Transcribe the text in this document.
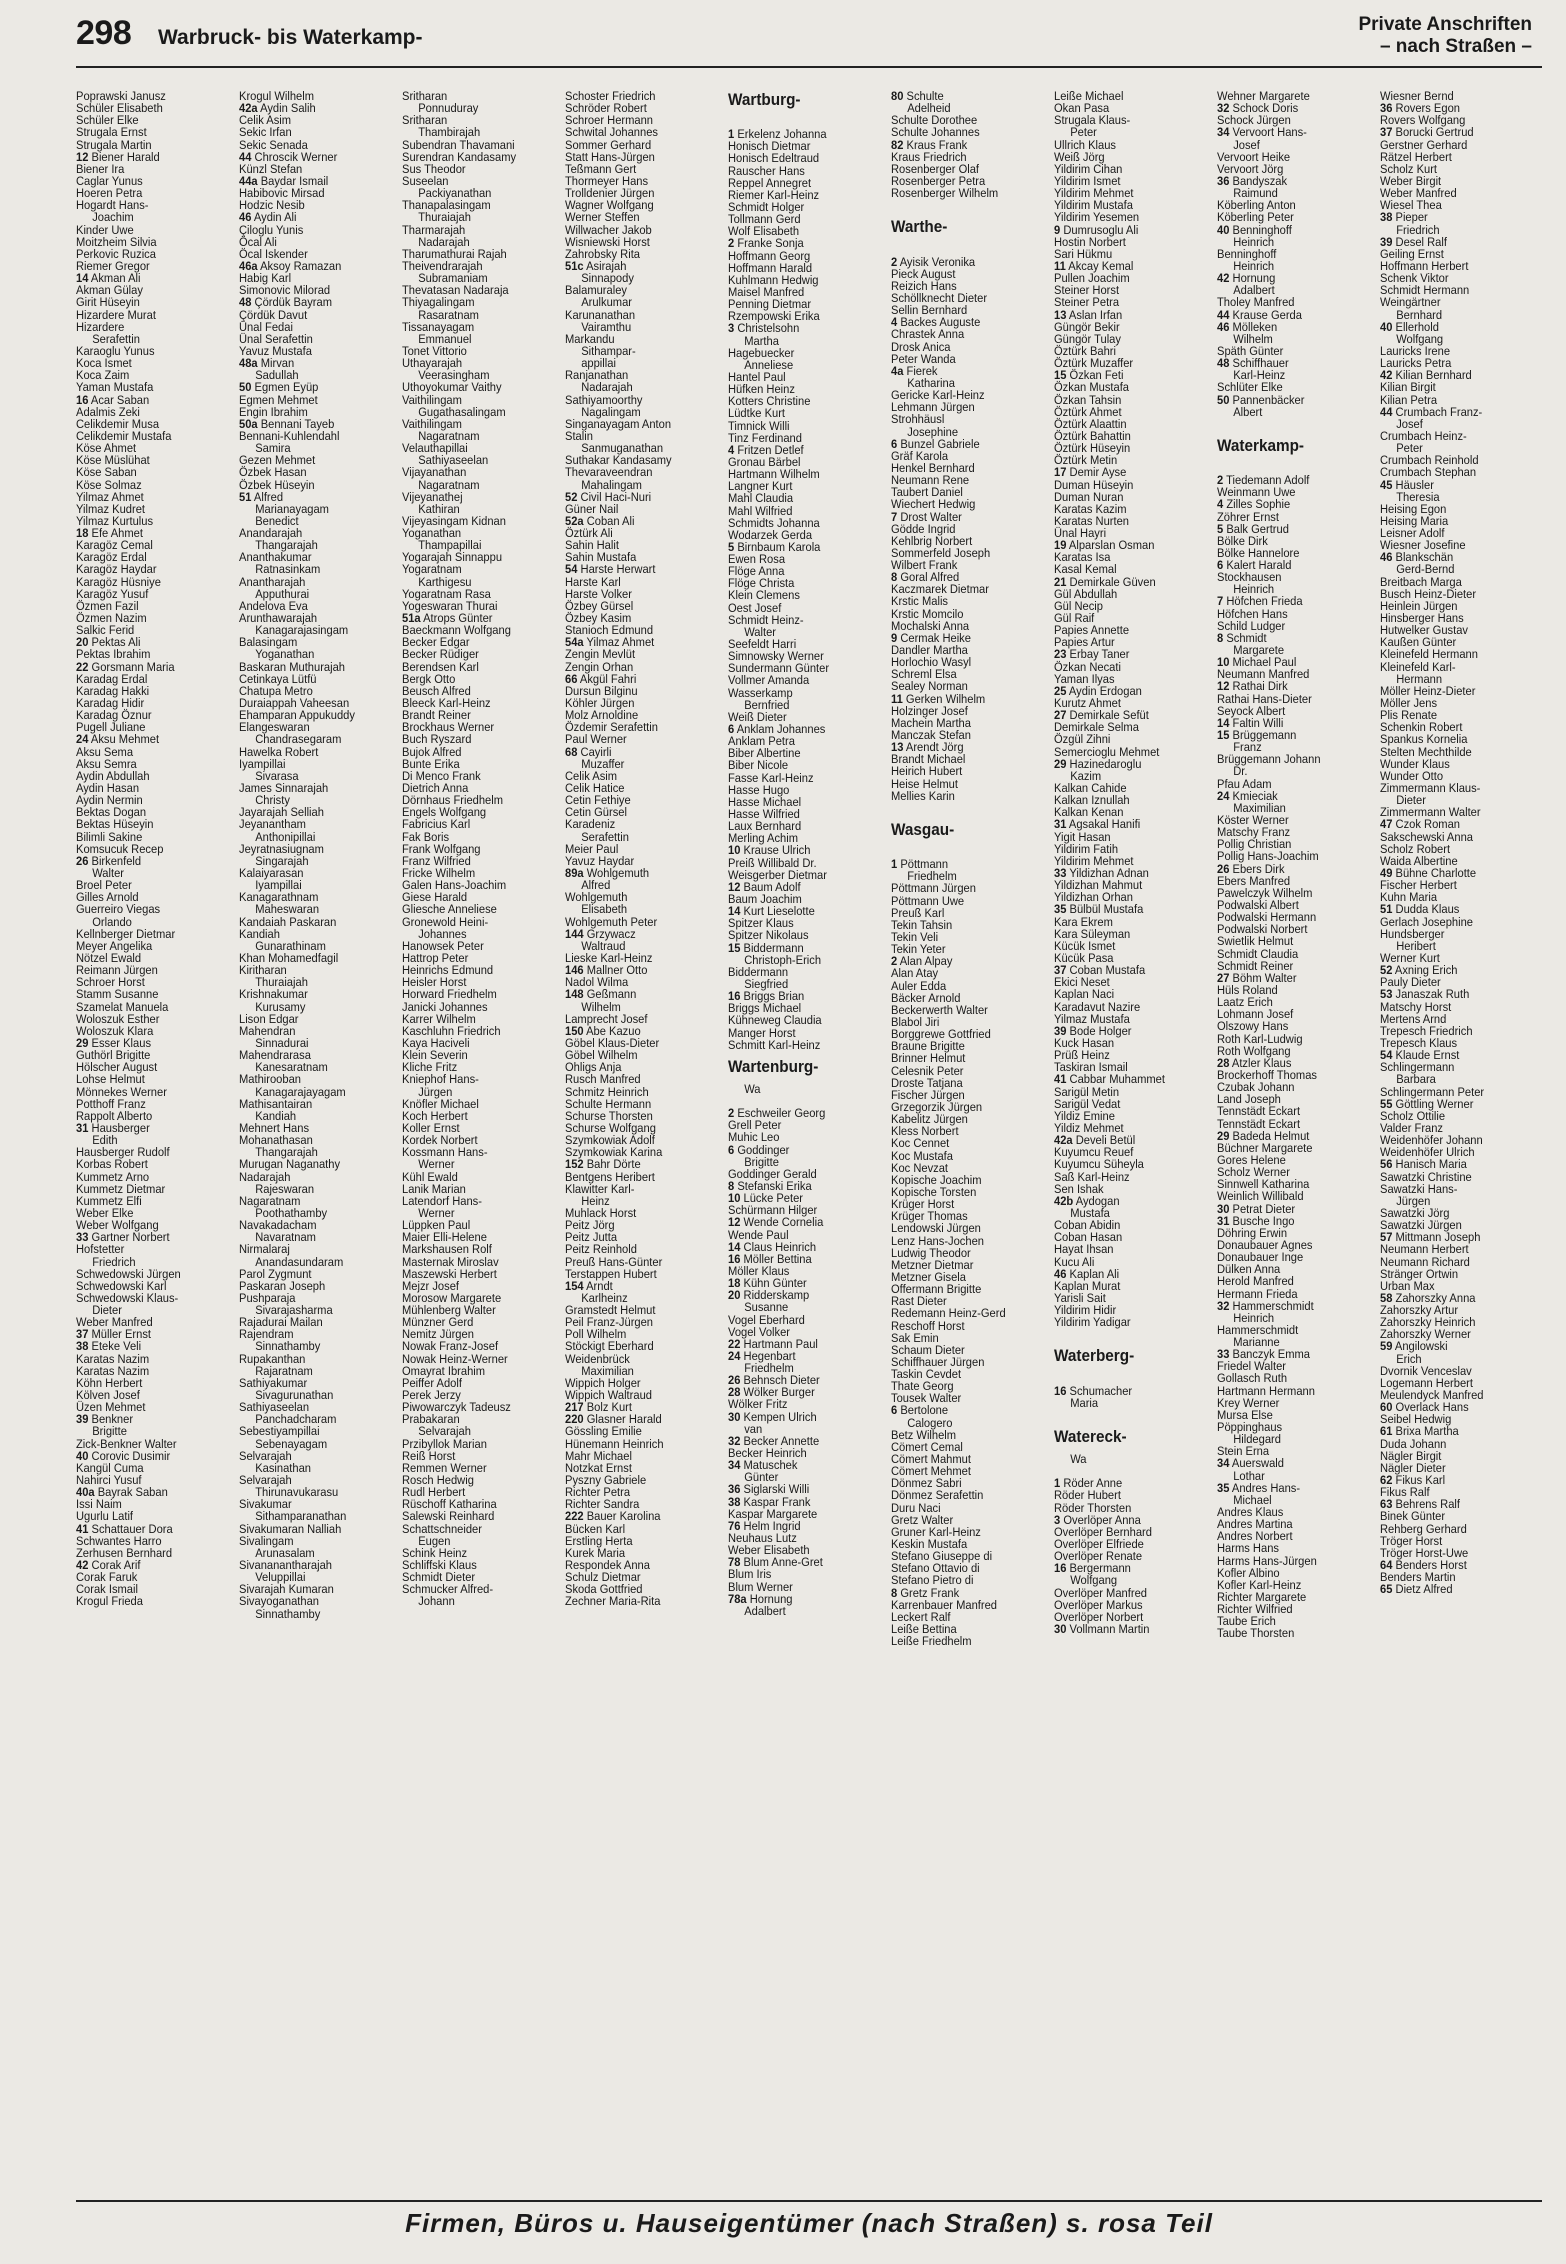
298 Warbruck- bis Waterkamp-
Private Anschriften
– nach Straßen –
Poprawski Janusz
Schüler Elisabeth
Schüler Elke
Strugala Ernst
Strugala Martin
12 Biener Harald
Biener Ira
Caglar Yunus
Hoeren Petra
Hogardt Hans-
Joachim
Kinder Uwe
Moitzheim Silvia
Perkovic Ruzica
Riemer Gregor
14 Akman Ali
Akman Gülay
Girit Hüseyin
Hizardere Murat
Hizardere
Serafettin
Karaoglu Yunus
Koca Ismet
Koca Zaim
Yaman Mustafa
16 Acar Saban
Adalmis Zeki
Celikdemir Musa
Celikdemir Mustafa
Köse Ahmet
Köse Müslühat
Köse Saban
Köse Solmaz
Yilmaz Ahmet
Yilmaz Kudret
Yilmaz Kurtulus
18 Efe Ahmet
Karagöz Cemal
Karagöz Erdal
Karagöz Haydar
Karagöz Hüsniye
Karagöz Yusuf
Özmen Fazil
Özmen Nazim
Salkic Ferid
20 Pektas Ali
Pektas Ibrahim
22 Gorsmann Maria
Karadag Erdal
Karadag Hakki
Karadag Hidir
Karadag Öznur
Pugell Juliane
24 Aksu Mehmet
Aksu Sema
Aksu Semra
Aydin Abdullah
Aydin Hasan
Aydin Nermin
Bektas Dogan
Bektas Hüseyin
Bilimli Sakine
Komsucuk Recep
26 Birkenfeld
Walter
Broel Peter
Gilles Arnold
Guerreiro Viegas
Orlando
Kellnberger Dietmar
Meyer Angelika
Nötzel Ewald
Reimann Jürgen
Schroer Horst
Stamm Susanne
Szamelat Manuela
Woloszuk Esther
Woloszuk Klara
29 Esser Klaus
Guthörl Brigitte
Hölscher August
Lohse Helmut
Mönnekes Werner
Potthoff Franz
Rappolt Alberto
31 Hausberger
Edith
Hausberger Rudolf
Korbas Robert
Kummetz Arno
Kummetz Dietmar
Kummetz Elfi
Weber Elke
Weber Wolfgang
33 Gartner Norbert
Hofstetter
Friedrich
Schwedowski Jürgen
Schwedowski Karl
Schwedowski Klaus-
Dieter
Weber Manfred
37 Müller Ernst
38 Eteke Veli
Karatas Nazim
Karatas Nazim
Köhn Herbert
Kölven Josef
Üzen Mehmet
39 Benkner
Brigitte
Zick-Benkner Walter
40 Corovic Dusimir
Kangül Cuma
Nahirci Yusuf
40a Bayrak Saban
Issi Naim
Ugurlu Latif
41 Schattauer Dora
Schwantes Harro
Zerhusen Bernhard
42 Corak Arif
Corak Faruk
Corak Ismail
Krogul Frieda
Krogul Wilhelm
42a Aydin Salih
Celik Asim
Sekic Irfan
Sekic Senada
44 Chroscik Werner
Künzl Stefan
44a Baydar Ismail
Habibovic Mirsad
Hodzic Nesib
46 Aydin Ali
Çiloglu Yunis
Öcal Ali
Öcal Iskender
46a Aksoy Ramazan
Habig Karl
Simonovic Milorad
48 Çördük Bayram
Çördük Davut
Ünal Fedai
Ünal Serafettin
Yavuz Mustafa
48a Mirvan
Sadullah
50 Egmen Eyüp
Egmen Mehmet
Engin Ibrahim
50a Bennani Tayeb
Bennani-Kuhlendahl
Samira
Gezen Mehmet
Özbek Hasan
Özbek Hüseyin
51 Alfred
Marianayagam
Benedict
Anandarajah
Thangarajah
Ananthakumar
Ratnasinkam
Anantharajah
Apputhurai
Andelova Eva
Arunthawarajah
Kanagarajasingam
Balasingam
Yoganathan
Baskaran Muthurajah
Cetinkaya Lütfü
Chatupa Metro
Duraiappah Vaheesan
Ehamparan Appukuddy
Elangeswaran
Chandrasegaram
Hawelka Robert
Iyampillai
Sivarasa
James Sinnarajah
Christy
Jayarajah Selliah
Jeyanantham
Anthonipillai
Jeyratnasiugnam
Singarajah
Kalaiyarasan
Iyampillai
Kanagarathnam
Maheswaran
Kandaiah Paskaran
Kandiah
Gunarathinam
Khan Mohamedfagil
Kiritharan
Thuraiajah
Krishnakumar
Kurusamy
Lison Edgar
Mahendran
Sinnadurai
Mahendrarasa
Kanesaratnam
Mathirooban
Kanagarajayagam
Mathisantairan
Kandiah
Mehnert Hans
Mohanathasan
Thangarajah
Murugan Naganathy
Nadarajah
Rajeswaran
Nagaratnam
Poothathamby
Navakadacham
Navaratnam
Nirmalaraj
Anandasundaram
Parol Zygmunt
Paskaran Joseph
Pushparaja
Sivarajasharma
Rajadurai Mailan
Rajendram
Sinnathamby
Rupakanthan
Rajaratnam
Sathiyakumar
Sivagurunathan
Sathiyaseelan
Panchadcharam
Sebestiyampillai
Sebenayagam
Selvarajah
Kasinathan
Selvarajah
Thirunavukarasu
Sivakumar
Sithamparanathan
Sivakumaran Nalliah
Sivalingam
Arunasalam
Sivananantharajah
Veluppillai
Sivarajah Kumaran
Sivayoganathan
Sinnathamby
Sritharan
Ponnuduray
Sritharan
Thambirajah
Subendran Thavamani
Surendran Kandasamy
Sus Theodor
Suseelan
Packiyanathan
Thanapalasingam
Thuraiajah
Tharmarajah
Nadarajah
Tharumathurai Rajah
Theivendrarajah
Subramaniam
Thevatasan Nadaraja
Thiyagalingam
Rasaratnam
Tissanayagam
Emmanuel
Tonet Vittorio
Uthayarajah
Veerasingham
Uthoyokumar Vaithy
Vaithilingam
Gugathasalingam
Vaithilingam
Nagaratnam
Velauthapillai
Sathiyaseelan
Vijayanathan
Nagaratnam
Vijeyanathej
Kathiran
Vijeyasingam Kidnan
Yoganathan
Thampapillai
Yogarajah Sinnappu
Yogaratnam
Karthigesu
Yogaratnam Rasa
Yogeswaran Thurai
51a Atrops Günter
Baeckmann Wolfgang
Becker Edgar
Becker Rüdiger
Berendsen Karl
Bergk Otto
Beusch Alfred
Bleeck Karl-Heinz
Brandt Reiner
Brockhaus Werner
Buch Ryszard
Bujok Alfred
Bunte Erika
Di Menco Frank
Dietrich Anna
Dörnhaus Friedhelm
Engels Wolfgang
Fabricius Karl
Fak Boris
Frank Wolfgang
Franz Wilfried
Fricke Wilhelm
Galen Hans-Joachim
Giese Harald
Gliesche Anneliese
Gronewold Heini-
Johannes
Hanowsek Peter
Hattrop Peter
Heinrichs Edmund
Heisler Horst
Horward Friedhelm
Janicki Johannes
Karrer Wilhelm
Kaschluhn Friedrich
Kaya Haciveli
Klein Severin
Kliche Fritz
Kniephof Hans-
Jürgen
Knöfler Michael
Koch Herbert
Koller Ernst
Kordek Norbert
Kossmann Hans-
Werner
Kühl Ewald
Lanik Marian
Latendorf Hans-
Werner
Lüppken Paul
Maier Elli-Helene
Markshausen Rolf
Masternak Miroslav
Maszewski Herbert
Mejzr Josef
Morosow Margarete
Mühlenberg Walter
Münzner Gerd
Nemitz Jürgen
Nowak Franz-Josef
Nowak Heinz-Werner
Omayrat Ibrahim
Peiffer Adolf
Perek Jerzy
Piwowarczyk Tadeusz
Prabakaran
Selvarajah
Przibyllok Marian
Reiß Horst
Remmen Werner
Rosch Hedwig
Rudl Herbert
Rüschoff Katharina
Salewski Reinhard
Schattschneider
Eugen
Schink Heinz
Schliffski Klaus
Schmidt Dieter
Schmucker Alfred-
Johann
Schoster Friedrich
Schröder Robert
Schroer Hermann
Schwital Johannes
Sommer Gerhard
Statt Hans-Jürgen
Teßmann Gert
Thormeyer Hans
Trolldenier Jürgen
Wagner Wolfgang
Werner Steffen
Willwacher Jakob
Wisniewski Horst
Zahrobsky Rita
51c Asirajah
Sinnapody
Balamuraley
Arulkumar
Karunanathan
Vairamthu
Markandu
Sithampar-
appillai
Ranjanathan
Nadarajah
Sathiyamoorthy
Nagalingam
Singanayagam Anton
Stalin
Sanmuganathan
Suthakar Kandasamy
Thevaraveendran
Mahalingam
52 Civil Haci-Nuri
Güner Nail
52a Coban Ali
Öztürk Ali
Sahin Halit
Sahin Mustafa
54 Harste Herwart
Harste Karl
Harste Volker
Özbey Gürsel
Özbey Kasim
Stanioch Edmund
54a Yilmaz Ahmet
Zengin Mevlüt
Zengin Orhan
66 Akgül Fahri
Dursun Bilginu
Köhler Jürgen
Molz Arnoldine
Özdemir Serafettin
Paul Werner
68 Cayirli
Muzaffer
Celik Asim
Celik Hatice
Cetin Fethiye
Cetin Gürsel
Karadeniz
Serafettin
Meier Paul
Yavuz Haydar
89a Wohlgemuth
Alfred
Wohlgemuth
Elisabeth
Wohlgemuth Peter
144 Grzywacz
Waltraud
Lieske Karl-Heinz
146 Mallner Otto
Nadol Wilma
148 Geßmann
Wilhelm
Lamprecht Josef
150 Abe Kazuo
Göbel Klaus-Dieter
Göbel Wilhelm
Ohligs Anja
Rusch Manfred
Schmitz Heinrich
Schulte Hermann
Schurse Thorsten
Schurse Wolfgang
Szymkowiak Adolf
Szymkowiak Karina
152 Bahr Dörte
Bentgens Heribert
Klawitter Karl-
Heinz
Muhlack Horst
Peitz Jörg
Peitz Jutta
Peitz Reinhold
Preuß Hans-Günter
Terstappen Hubert
154 Arndt
Karlheinz
Gramstedt Helmut
Peil Franz-Jürgen
Poll Wilhelm
Stöckigt Eberhard
Weidenbrück
Maximilian
Wippich Holger
Wippich Waltraud
217 Bolz Kurt
220 Glasner Harald
Gössling Emilie
Hünemann Heinrich
Mahr Michael
Notzkat Ernst
Pyszny Gabriele
Richter Petra
Richter Sandra
222 Bauer Karolina
Bücken Karl
Erstling Herta
Kurek Maria
Respondek Anna
Schulz Dietmar
Skoda Gottfried
Zechner Maria-Rita
Wartburg-
1 Erkelenz Johanna
Honisch Dietmar
Honisch Edeltraud
Rauscher Hans
Reppel Annegret
Riemer Karl-Heinz
Schmidt Holger
Tollmann Gerd
Wolf Elisabeth
2 Franke Sonja
Hoffmann Georg
Hoffmann Harald
Kuhlmann Hedwig
Maisel Manfred
Penning Dietmar
Rzempowski Erika
3 Christelsohn
Martha
Hagebuecker
Anneliese
Hantel Paul
Hüfken Heinz
Kotters Christine
Lüdtke Kurt
Timnick Willi
Tinz Ferdinand
4 Fritzen Detlef
Gronau Bärbel
Hartmann Wilhelm
Langner Kurt
Mahl Claudia
Mahl Wilfried
Schmidts Johanna
Wodarzek Gerda
5 Birnbaum Karola
Ewen Rosa
Flöge Anna
Flöge Christa
Klein Clemens
Oest Josef
Schmidt Heinz-
Walter
Seefeldt Harri
Simnowsky Werner
Sundermann Günter
Vollmer Amanda
Wasserkamp
Bernfried
Weiß Dieter
6 Anklam Johannes
Anklam Petra
Biber Albertine
Biber Nicole
Fasse Karl-Heinz
Hasse Hugo
Hasse Michael
Hasse Wilfried
Laux Bernhard
Merling Achim
10 Krause Ulrich
Preiß Willibald Dr.
Weisgerber Dietmar
12 Baum Adolf
Baum Joachim
14 Kurt Lieselotte
Spitzer Klaus
Spitzer Nikolaus
15 Biddermann
Christoph-Erich
Biddermann
Siegfried
16 Briggs Brian
Briggs Michael
Kühneweg Claudia
Manger Horst
Schmitt Karl-Heinz
Wartenburg-
Wa
2 Eschweiler Georg
Grell Peter
Muhic Leo
6 Goddinger
Brigitte
Goddinger Gerald
8 Stefanski Erika
10 Lücke Peter
Schürmann Hilger
12 Wende Cornelia
Wende Paul
14 Claus Heinrich
16 Möller Bettina
Möller Klaus
18 Kühn Günter
20 Ridderskamp
Susanne
Vogel Eberhard
Vogel Volker
22 Hartmann Paul
24 Hegenbart
Friedhelm
26 Behnsch Dieter
28 Wölker Burger
Wölker Fritz
30 Kempen Ulrich
van
32 Becker Annette
Becker Heinrich
34 Matuschek
Günter
36 Siglarski Willi
38 Kaspar Frank
Kaspar Margarete
76 Helm Ingrid
Neuhaus Lutz
Weber Elisabeth
78 Blum Anne-Gret
Blum Iris
Blum Werner
78a Hornung
Adalbert
80 Schulte
Adelheid
Schulte Dorothee
Schulte Johannes
82 Kraus Frank
Kraus Friedrich
Rosenberger Olaf
Rosenberger Petra
Rosenberger Wilhelm
Warthe-
2 Ayisik Veronika
Pieck August
Reizich Hans
Schöllknecht Dieter
Sellin Bernhard
4 Backes Auguste
Chrastek Anna
Drosk Anica
Peter Wanda
4a Fierek
Katharina
Gericke Karl-Heinz
Lehmann Jürgen
Strohhäusl
Josephine
6 Bunzel Gabriele
Gräf Karola
Henkel Bernhard
Neumann Rene
Taubert Daniel
Wiechert Hedwig
7 Drost Walter
Gödde Ingrid
Kehlbrig Norbert
Sommerfeld Joseph
Wilbert Frank
8 Goral Alfred
Kaczmarek Dietmar
Krstic Malis
Krstic Momcilo
Mochalski Anna
9 Cermak Heike
Dandler Martha
Horlochio Wasyl
Schreml Elsa
Sealey Norman
11 Gerken Wilhelm
Holzinger Josef
Machein Martha
Manczak Stefan
13 Arendt Jörg
Brandt Michael
Heirich Hubert
Heise Helmut
Mellies Karin
Wasgau-
1 Pöttmann
Friedhelm
Pöttmann Jürgen
Pöttmann Uwe
Preuß Karl
Tekin Tahsin
Tekin Veli
Tekin Yeter
2 Alan Alpay
Alan Atay
Auler Edda
Bäcker Arnold
Beckerwerth Walter
Blabol Jiri
Borggrewe Gottfried
Braune Brigitte
Brinner Helmut
Celesnik Peter
Droste Tatjana
Fischer Jürgen
Grzegorzik Jürgen
Kabelitz Jürgen
Kless Norbert
Koc Cennet
Koc Mustafa
Koc Nevzat
Kopische Joachim
Kopische Torsten
Krüger Horst
Krüger Thomas
Lendowski Jürgen
Lenz Hans-Jochen
Ludwig Theodor
Metzner Dietmar
Metzner Gisela
Offermann Brigitte
Rast Dieter
Redemann Heinz-Gerd
Reschoff Horst
Sak Emin
Schaum Dieter
Schiffhauer Jürgen
Taskin Cevdet
Thate Georg
Tousek Walter
6 Bertolone
Calogero
Betz Wilhelm
Cömert Cemal
Cömert Mahmut
Cömert Mehmet
Dönmez Sabri
Dönmez Serafettin
Duru Naci
Gretz Walter
Gruner Karl-Heinz
Keskin Mustafa
Stefano Giuseppe di
Stefano Ottavio di
Stefano Pietro di
8 Gretz Frank
Karrenbauer Manfred
Leckert Ralf
Leiße Bettina
Leiße Friedhelm
Leiße Michael
Okan Pasa
Strugala Klaus-
Peter
Ullrich Klaus
Weiß Jörg
Yildirim Cihan
Yildirim Ismet
Yildirim Mehmet
Yildirim Mustafa
Yildirim Yesemen
9 Dumrusoglu Ali
Hostin Norbert
Sari Hükmu
11 Akcay Kemal
Pullen Joachim
Steiner Horst
Steiner Petra
13 Aslan Irfan
Güngör Bekir
Güngör Tulay
Öztürk Bahri
Öztürk Muzaffer
15 Özkan Feti
Özkan Mustafa
Özkan Tahsin
Öztürk Ahmet
Öztürk Alaattin
Öztürk Bahattin
Öztürk Hüseyin
Öztürk Metin
17 Demir Ayse
Duman Hüseyin
Duman Nuran
Karatas Kazim
Karatas Nurten
Ünal Hayri
19 Alparslan Osman
Karatas Isa
Kasal Kemal
21 Demirkale Güven
Gül Abdullah
Gül Necip
Gül Raif
Papies Annette
Papies Artur
23 Erbay Taner
Özkan Necati
Yaman Ilyas
25 Aydin Erdogan
Kurutz Ahmet
27 Demirkale Sefüt
Demirkale Selma
Özgül Zihni
Semercioglu Mehmet
29 Hazinedaroglu
Kazim
Kalkan Cahide
Kalkan Iznullah
Kalkan Kenan
31 Agsakal Hanifi
Yigit Hasan
Yildirim Fatih
Yildirim Mehmet
33 Yildizhan Adnan
Yildizhan Mahmut
Yildizhan Orhan
35 Bülbül Mustafa
Kara Ekrem
Kara Süleyman
Kücük Ismet
Kücük Pasa
37 Coban Mustafa
Ekici Neset
Kaplan Naci
Karadavut Nazire
Yilmaz Mustafa
39 Bode Holger
Kuck Hasan
Prüß Heinz
Taskiran Ismail
41 Cabbar Muhammet
Sarigül Metin
Sarigül Vedat
Yildiz Emine
Yildiz Mehmet
42a Develi Betül
Kuyumcu Reuef
Kuyumcu Süheyla
Saß Karl-Heinz
Sen Ishak
42b Aydogan
Mustafa
Coban Abidin
Coban Hasan
Hayat Ihsan
Kucu Ali
46 Kaplan Ali
Kaplan Murat
Yarisli Sait
Yildirim Hidir
Yildirim Yadigar
Waterberg-
16 Schumacher
Maria
Watereck-
Wa
1 Röder Anne
Röder Hubert
Röder Thorsten
3 Overlöper Anna
Overlöper Bernhard
Overlöper Elfriede
Overlöper Renate
16 Bergermann
Wolfgang
Overlöper Manfred
Overlöper Markus
Overlöper Norbert
30 Vollmann Martin
Wehner Margarete
32 Schock Doris
Schock Jürgen
34 Vervoort Hans-
Josef
Vervoort Heike
Vervoort Jörg
36 Bandyszak
Raimund
Köberling Anton
Köberling Peter
40 Benninghoff
Heinrich
Benninghoff
Heinrich
42 Hornung
Adalbert
Tholey Manfred
44 Krause Gerda
46 Mölleken
Wilhelm
Späth Günter
48 Schiffhauer
Karl-Heinz
Schlüter Elke
50 Pannenbäcker
Albert
Waterkamp-
2 Tiedemann Adolf
Weinmann Uwe
4 Zilles Sophie
Zöhrer Ernst
5 Balk Gertrud
Bölke Dirk
Bölke Hannelore
6 Kalert Harald
Stockhausen
Heinrich
7 Höfchen Frieda
Höfchen Hans
Schild Ludger
8 Schmidt
Margarete
10 Michael Paul
Neumann Manfred
12 Rathai Dirk
Rathai Hans-Dieter
Seyock Albert
14 Faltin Willi
15 Brüggemann
Franz
Brüggemann Johann
Dr.
Pfau Adam
24 Kmieciak
Maximilian
Köster Werner
Matschy Franz
Pollig Christian
Pollig Hans-Joachim
26 Ebers Dirk
Ebers Manfred
Pawelczyk Wilhelm
Podwalski Albert
Podwalski Hermann
Podwalski Norbert
Swietlik Helmut
Schmidt Claudia
Schmidt Reiner
27 Böhm Walter
Hüls Roland
Laatz Erich
Lohmann Josef
Olszowy Hans
Roth Karl-Ludwig
Roth Wolfgang
28 Atzler Klaus
Brockerhoff Thomas
Czubak Johann
Land Joseph
Tennstädt Eckart
Tennstädt Eckart
29 Badeda Helmut
Büchner Margarete
Gores Helene
Scholz Werner
Sinnwell Katharina
Weinlich Willibald
30 Petrat Dieter
31 Busche Ingo
Döhring Erwin
Donaubauer Agnes
Donaubauer Inge
Dülken Anna
Herold Manfred
Hermann Frieda
32 Hammerschmidt
Heinrich
Hammerschmidt
Marianne
33 Banczyk Emma
Friedel Walter
Gollasch Ruth
Hartmann Hermann
Krey Werner
Mursa Else
Pöppinghaus
Hildegard
Stein Erna
34 Auerswald
Lothar
35 Andres Hans-
Michael
Andres Klaus
Andres Martina
Andres Norbert
Harms Hans
Harms Hans-Jürgen
Kofler Albino
Kofler Karl-Heinz
Richter Margarete
Richter Wilfried
Taube Erich
Taube Thorsten
Wiesner Bernd
36 Rovers Egon
Rovers Wolfgang
37 Borucki Gertrud
Gerstner Gerhard
Rätzel Herbert
Scholz Kurt
Weber Birgit
Weber Manfred
Wiesel Thea
38 Pieper
Friedrich
39 Desel Ralf
Geiling Ernst
Hoffmann Herbert
Schenk Viktor
Schmidt Hermann
Weingärtner
Bernhard
40 Ellerhold
Wolfgang
Lauricks Irene
Lauricks Petra
42 Kilian Bernhard
Kilian Birgit
Kilian Petra
44 Crumbach Franz-
Josef
Crumbach Heinz-
Peter
Crumbach Reinhold
Crumbach Stephan
45 Häusler
Theresia
Heising Egon
Heising Maria
Leisner Adolf
Wiesner Josefine
46 Blankschän
Gerd-Bernd
Breitbach Marga
Busch Heinz-Dieter
Heinlein Jürgen
Hinsberger Hans
Hutwelker Gustav
Kaußen Günter
Kleinefeld Hermann
Kleinefeld Karl-
Hermann
Möller Heinz-Dieter
Möller Jens
Plis Renate
Schenkin Robert
Spankus Kornelia
Stelten Mechthilde
Wunder Klaus
Wunder Otto
Zimmermann Klaus-
Dieter
Zimmermann Walter
47 Czok Roman
Sakschewski Anna
Scholz Robert
Waida Albertine
49 Bühne Charlotte
Fischer Herbert
Kuhn Maria
51 Dudda Klaus
Gerlach Josephine
Hundsberger
Heribert
Werner Kurt
52 Axning Erich
Pauly Dieter
53 Janaszak Ruth
Matschy Horst
Mertens Arnd
Trepesch Friedrich
Trepesch Klaus
54 Klaude Ernst
Schlingermann
Barbara
Schlingermann Peter
55 Göttling Werner
Scholz Ottilie
Valder Franz
Weidenhöfer Johann
Weidenhöfer Ulrich
56 Hanisch Maria
Sawatzki Christine
Sawatzki Hans-
Jürgen
Sawatzki Jörg
Sawatzki Jürgen
57 Mittmann Joseph
Neumann Herbert
Neumann Richard
Stränger Ortwin
Urban Max
58 Zahorszky Anna
Zahorszky Artur
Zahorszky Heinrich
Zahorszky Werner
59 Angilowski
Erich
Dvornik Venceslav
Logemann Herbert
Meulendyck Manfred
60 Overlack Hans
Seibel Hedwig
61 Brixa Martha
Duda Johann
Nägler Birgit
Nägler Dieter
62 Fikus Karl
Fikus Ralf
63 Behrens Ralf
Binek Günter
Rehberg Gerhard
Tröger Horst
Tröger Horst-Uwe
64 Benders Horst
Benders Martin
65 Dietz Alfred
Firmen, Büros u. Hauseigentümer (nach Straßen) s. rosa Teil
